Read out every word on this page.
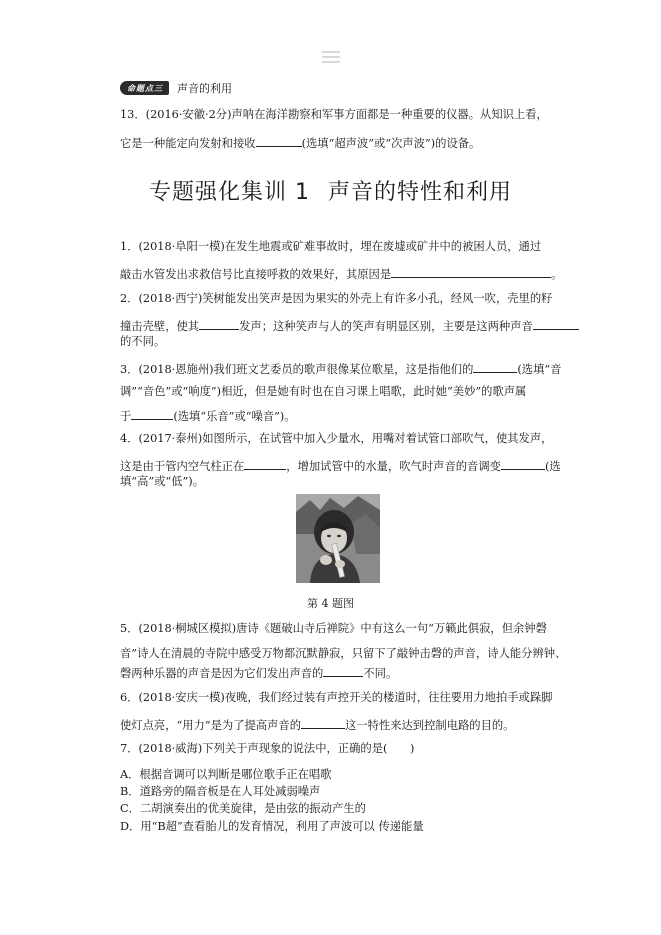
命题点三	声音的利用
13．(2016·安徽·2分)声呐在海洋勘察和军事方面都是一种重要的仪器。从知识上看，
它是一种能定向发射和接收	(选填“超声波”或“次声波”)的设备。
专题强化集训 1 声音的特性和利用
1．(2018·阜阳一模)在发生地震或矿难事故时，埋在废墟或矿井中的被困人员，通过
敲击水管发出求救信号比直接呼救的效果好，其原因是	。
2．(2018·西宁)笑树能发出笑声是因为果实的外壳上有许多小孔，经风一吹，壳里的籽
撞击壳壁，使其	发声；这种笑声与人的笑声有明显区别，主要是这两种声音
的不同。
3．(2018·恩施州)我们班文艺委员的歌声很像某位歌星，这是指他们的	(选填“音
调”“音色”或“响度”)相近，但是她有时也在自习课上唱歌，此时她“美妙”的歌声属
于	(选填“乐音”或“噪音”)。
4．(2017·泰州)如图所示，在试管中加入少量水，用嘴对着试管口部吹气，使其发声，
这是由于管内空气柱正在	，增加试管中的水量，吹气时声音的音调变	(选
填“高”或“低”)。
第 4 题图
5．(2018·桐城区模拟)唐诗《题破山寺后禅院》中有这么一句“万籁此俱寂，但余钟磬
音”诗人在清晨的寺院中感受万物都沉默静寂，只留下了敲钟击磬的声音，诗人能分辨钟、
磬两种乐器的声音是因为它们发出声音的	不同。
6．(2018·安庆一模)夜晚，我们经过装有声控开关的楼道时，往往要用力地拍手或跺脚
使灯点亮，“用力”是为了提高声音的	这一特性来达到控制电路的目的。
7．(2018·威海)下列关于声现象的说法中，正确的是(　　)
A．根据音调可以判断是哪位歌手正在唱歌
B．道路旁的隔音板是在人耳处减弱噪声
C．二胡演奏出的优美旋律，是由弦的振动产生的
D．用“B超”查看胎儿的发育情况，利用了声波可以 传递能量
